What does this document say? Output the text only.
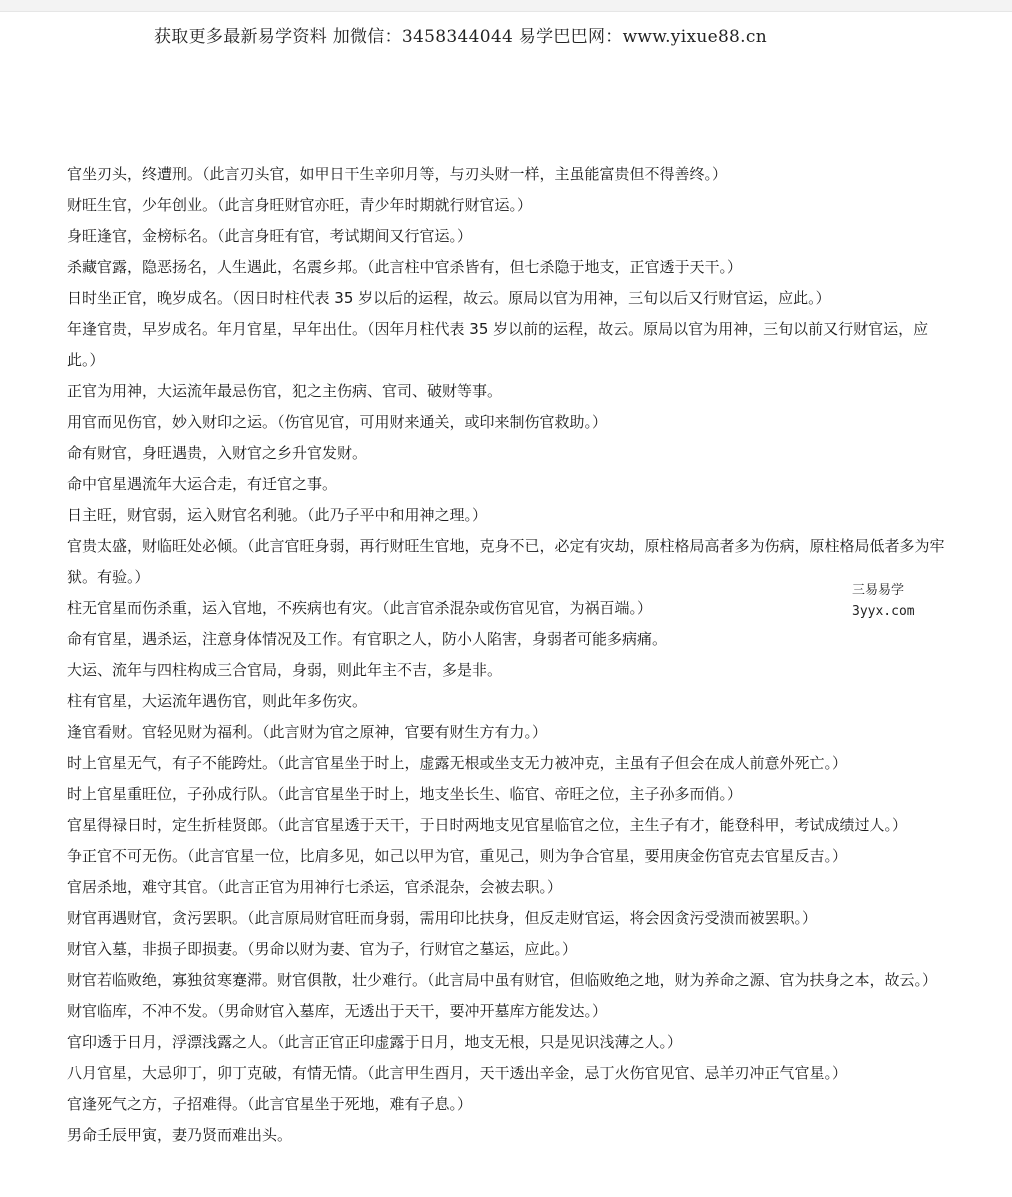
获取更多最新易学资料 加微信：3458344044 易学巴巴网：www.yixue88.cn

官坐刃头，终遭刑。（此言刃头官，如甲日干生辛卯月等，与刃头财一样，主虽能富贵但不得善终。）

财旺生官，少年创业。（此言身旺财官亦旺，青少年时期就行财官运。）

身旺逢官，金榜标名。（此言身旺有官，考试期间又行官运。）

杀藏官露，隐恶扬名，人生遇此，名震乡邦。（此言柱中官杀皆有，但七杀隐于地支，正官透于天干。）

日时坐正官，晚岁成名。（因日时柱代表 35 岁以后的运程，故云。原局以官为用神，三旬以后又行财官运，应此。）

年逢官贵，早岁成名。年月官星，早年出仕。（因年月柱代表 35 岁以前的运程，故云。原局以官为用神，三旬以前又行财官运，应此。）

正官为用神，大运流年最忌伤官，犯之主伤病、官司、破财等事。

用官而见伤官，妙入财印之运。（伤官见官，可用财来通关，或印来制伤官救助。）

命有财官，身旺遇贵，入财官之乡升官发财。

命中官星遇流年大运合走，有迁官之事。

日主旺，财官弱，运入财官名利驰。（此乃子平中和用神之理。）

官贵太盛，财临旺处必倾。（此言官旺身弱，再行财旺生官地，克身不已，必定有灾劫，原柱格局高者多为伤病，原柱格局低者多为牢狱。有验。）

柱无官星而伤杀重，运入官地，不疾病也有灾。（此言官杀混杂或伤官见官，为祸百端。）

命有官星，遇杀运，注意身体情况及工作。有官职之人，防小人陷害，身弱者可能多病痛。

大运、流年与四柱构成三合官局，身弱，则此年主不吉，多是非。

柱有官星，大运流年遇伤官，则此年多伤灾。

逢官看财。官轻见财为福利。（此言财为官之原神，官要有财生方有力。）

时上官星无气，有子不能跨灶。（此言官星坐于时上，虚露无根或坐支无力被冲克，主虽有子但会在成人前意外死亡。）

时上官星重旺位，子孙成行队。（此言官星坐于时上，地支坐长生、临官、帝旺之位，主子孙多而俏。）

官星得禄日时，定生折桂贤郎。（此言官星透于天干，于日时两地支见官星临官之位，主生子有才，能登科甲，考试成绩过人。）

争正官不可无伤。（此言官星一位，比肩多见，如己以甲为官，重见己，则为争合官星，要用庚金伤官克去官星反吉。）

官居杀地，难守其官。（此言正官为用神行七杀运，官杀混杂，会被去职。）

财官再遇财官，贪污罢职。（此言原局财官旺而身弱，需用印比扶身，但反走财官运，将会因贪污受溃而被罢职。）

财官入墓，非损子即损妻。（男命以财为妻、官为子，行财官之墓运，应此。）

财官若临败绝，寡独贫寒蹇滞。财官俱散，壮少难行。（此言局中虽有财官，但临败绝之地，财为养命之源、官为扶身之本，故云。）

财官临库，不冲不发。（男命财官入墓库，无透出于天干，要冲开墓库方能发达。）

官印透于日月，浮漂浅露之人。（此言正官正印虚露于日月，地支无根，只是见识浅薄之人。）

八月官星，大忌卯丁，卯丁克破，有情无情。（此言甲生酉月，天干透出辛金，忌丁火伤官见官、忌羊刃冲正气官星。）

官逢死气之方，子招难得。（此言官星坐于死地，难有子息。）

男命壬辰甲寅，妻乃贤而难出头。

三易易学
3yyx.com
